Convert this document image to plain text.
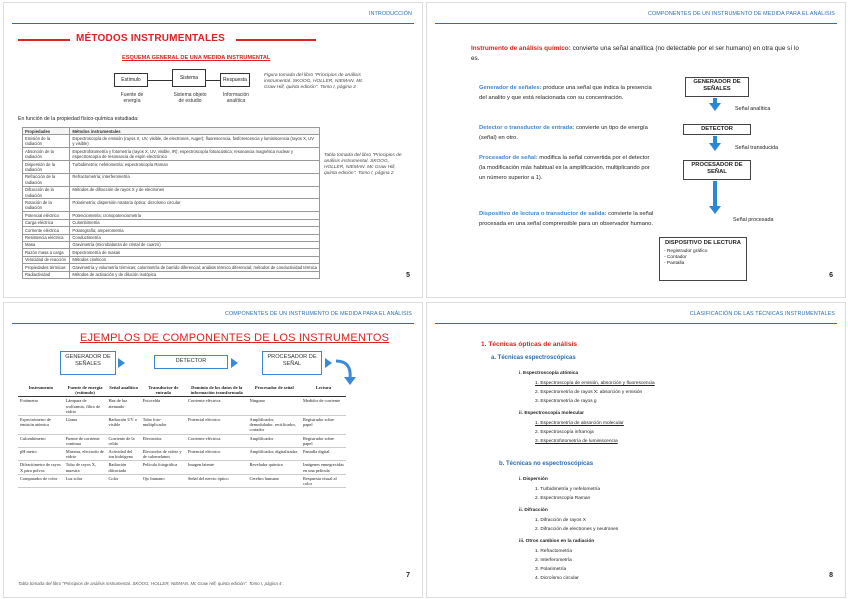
INTRODUCCIÓN
MÉTODOS INSTRUMENTALES
ESQUEMA GENERAL DE UNA MEDIDA INSTRUMENTAL
Estímulo	Sistema	Respuesta
Fuente de energía
Sistema objeto de estudio
Información analítica
Figura tomada del libro "Principios de análisis instrumental. SKOOG, HOLLER, NIEMAN. Mc Graw Hill, quinta edición". Tomo I, página 3
En función de la propiedad físico-química estudiada:
Propiedades	Métodos instrumentales
Emisión de la radiación	Espectroscopía de emisión (rayos X, UV, visible, de electrones, Auger); fluorescencia, fosforescencia y luminiscencia (rayos X, UV y visible)
Absorción de la radiación	Espectrofotometría y fotometría (rayos X, UV, visible, IR); espectroscopía fotoacústica; resonancia magnética nuclear y espectroscopía de resonancia de espín electrónico
Dispersión de la radiación	Turbidimetría; nefelometría; espectroscopía Raman
Refracción de la radiación	Refractometría; interferometría
Difracción de la radiación	Métodos de difracción de rayos X y de electrones
Rotación de la radiación	Polarimetría; dispersión rotatoria óptica; dicroísmo circular
Potencial eléctrico	Potenciometría; cronopotenciometría
Carga eléctrica	Culombimetría
Corriente eléctrica	Polarografía; amperometría
Resistencia eléctrica	Conductimetría
Masa	Gravimetría (microbalanza de cristal de cuarzo)
Razón masa a carga	Espectrometría de masas
Velocidad de reacción	Métodos cinéticos
Propiedades térmicas	Gravimetría y volumetría térmicas; calorimetría de barrido diferencial; análisis térmico diferencial; métodos de conductividad térmica
Radiactividad	Métodos de activación y de dilución isotópica
Tabla tomada del libro "Principios de análisis instrumental. SKOOG, HOLLER, NIEMAN. Mc Graw Hill, quinta edición". Tomo I, página 2
5
COMPONENTES DE UN INSTRUMENTO DE MEDIDA PARA EL ANÁLISIS
Instrumento de análisis químico: convierte una señal analítica (no detectable por el ser humano) en otra que sí lo es.
Generador de señales: produce una señal que indica la presencia del analito y que está relacionada con su concentración.
Detector o transductor de entrada: convierte un tipo de energía (señal) en otro.
Procesador de señal: modifica la señal convertida por el detector (la modificación más habitual es la amplificación, multiplicando por un número superior a 1).
Dispositivo de lectura o transductor de salida: convierte la señal procesada en una señal comprensible para un observador humano.
GENERADOR DE SEÑALES
Señal analítica
DETECTOR
Señal transducida
PROCESADOR DE SEÑAL
Señal procesada
DISPOSITIVO DE LECTURA
- Registrador gráfico
- Contador
- Pantalla
6
COMPONENTES DE UN INSTRUMENTO DE MEDIDA PARA EL ANÁLISIS
EJEMPLOS DE COMPONENTES DE LOS INSTRUMENTOS
GENERADOR DE SEÑALES	DETECTOR
PROCESADOR DE SEÑAL
Instrumento	Fuente de energía (estímulo)	Señal analítica	Transductor de entrada	Dominio de los datos de la información transformada	Procesador de señal	Lectura
Fotómetro	Lámpara de wolframio, filtro de vidrio	Haz de luz atenuado	Fotocelda	Corriente eléctrica	Ninguno	Medidor de corriente
Espectrómetro de emisión atómica	Llama	Radiación UV o visible	Tubo foto-multiplicador	Potencial eléctrico	Amplificador, demodulador, rectificador, cortador	Registrador sobre papel
Culombímetro	Fuente de corriente continua	Corriente de la celda	Electrodos	Corriente eléctrica	Amplificador	Registrador sobre papel
pH metro	Muestra, electrodo de vidrio	Actividad del ion hidrógeno	Electrodos de vidrio y de calomelanos	Potencial eléctrico	Amplificador, digitalizador	Pantalla digital
Difractómetro de rayos X para polvos	Tubo de rayos X, muestra	Radiación difractada	Película fotográfica	Imagen latente	Revelador químico	Imágenes ennegrecidas en una película
Comparador de color	Luz solar	Color	Ojo humano	Señal del nervio óptico	Cerebro humano	Respuesta visual al color
Tabla tomada del libro "Principios de análisis instrumental. SKOOG, HOLLER, NIEMAN. Mc Graw Hill, quinta edición". Tomo I, página 4 .
7
CLASIFICACIÓN DE LAS TÉCNICAS INSTRUMENTALES
1. Técnicas ópticas de análisis
a. Técnicas espectroscópicas
i. Espectroscopía atómica
1. Espectroscopía de emisión, absorción y fluorescencia
2. Espectrometría de rayos X: absorción y emisión
3. Espectrometría de rayos g
ii. Espectroscopía molecular
1. Espectrometría de absorción molecular
2. Espectroscopía infrarroja
3. Espectrofotometría de luminiscencia
b. Técnicas no espectroscópicas
i. Dispersión
1. Turbidimetría y nefelometría
2. Espectroscopía Raman
ii. Difracción
1. Difracción de rayos X
2. Difracción de electrones y neutrones
iii. Otros cambios en la radiación
1. Refractometría
2. Interferometría
3. Polarimetría
4. Dicroísmo circular	8
